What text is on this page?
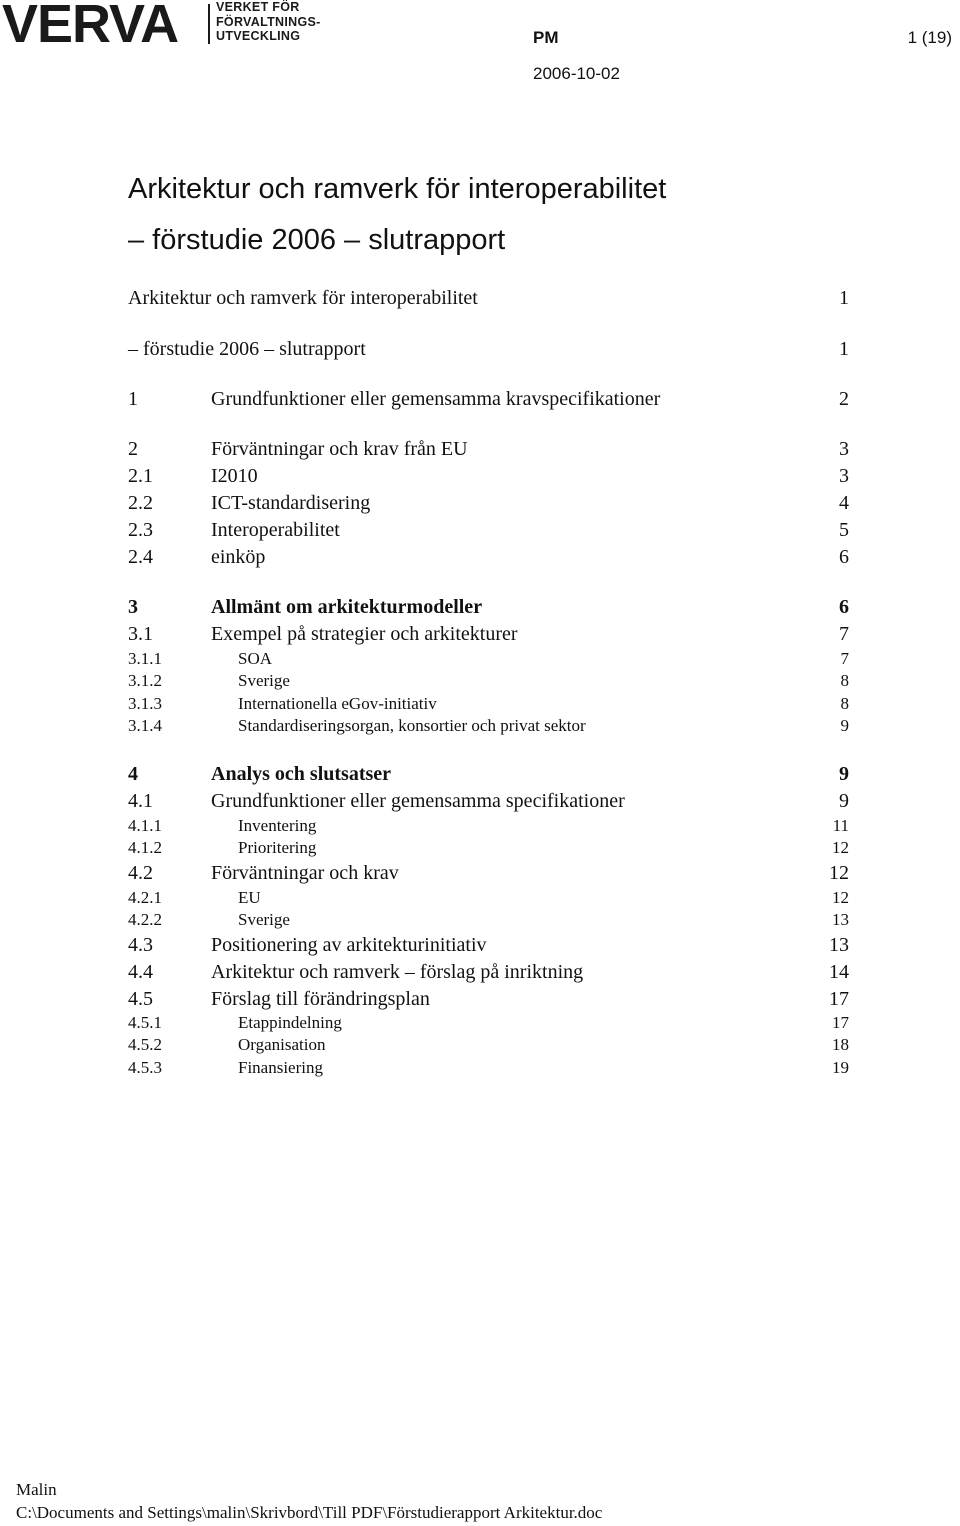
VERVA	VERKET FÖR
FÖRVALTNINGS-
UTVECKLING	PM	1 (19)
2006-10-02
Arkitektur och ramverk för interoperabilitet
– förstudie 2006 – slutrapport
Arkitektur och ramverk för interoperabilitet	1
– förstudie 2006 – slutrapport	1
1	Grundfunktioner eller gemensamma kravspecifikationer	2
2	Förväntningar och krav från EU	3
2.1	I2010	3
2.2	ICT-standardisering	4
2.3	Interoperabilitet	5
2.4	einköp	6
3	Allmänt om arkitekturmodeller	6
3.1	Exempel på strategier och arkitekturer	7
3.1.1	SOA	7
3.1.2	Sverige	8
3.1.3	Internationella eGov-initiativ	8
3.1.4	Standardiseringsorgan, konsortier och privat sektor	9
4	Analys och slutsatser	9
4.1	Grundfunktioner eller gemensamma specifikationer	9
4.1.1	Inventering	11
4.1.2	Prioritering	12
4.2	Förväntningar och krav	12
4.2.1	EU	12
4.2.2	Sverige	13
4.3	Positionering av arkitekturinitiativ	13
4.4	Arkitektur och ramverk – förslag på inriktning	14
4.5	Förslag till förändringsplan	17
4.5.1	Etappindelning	17
4.5.2	Organisation	18
4.5.3	Finansiering	19
Malin
C:\Documents and Settings\malin\Skrivbord\Till PDF\Förstudierapport Arkitektur.doc
